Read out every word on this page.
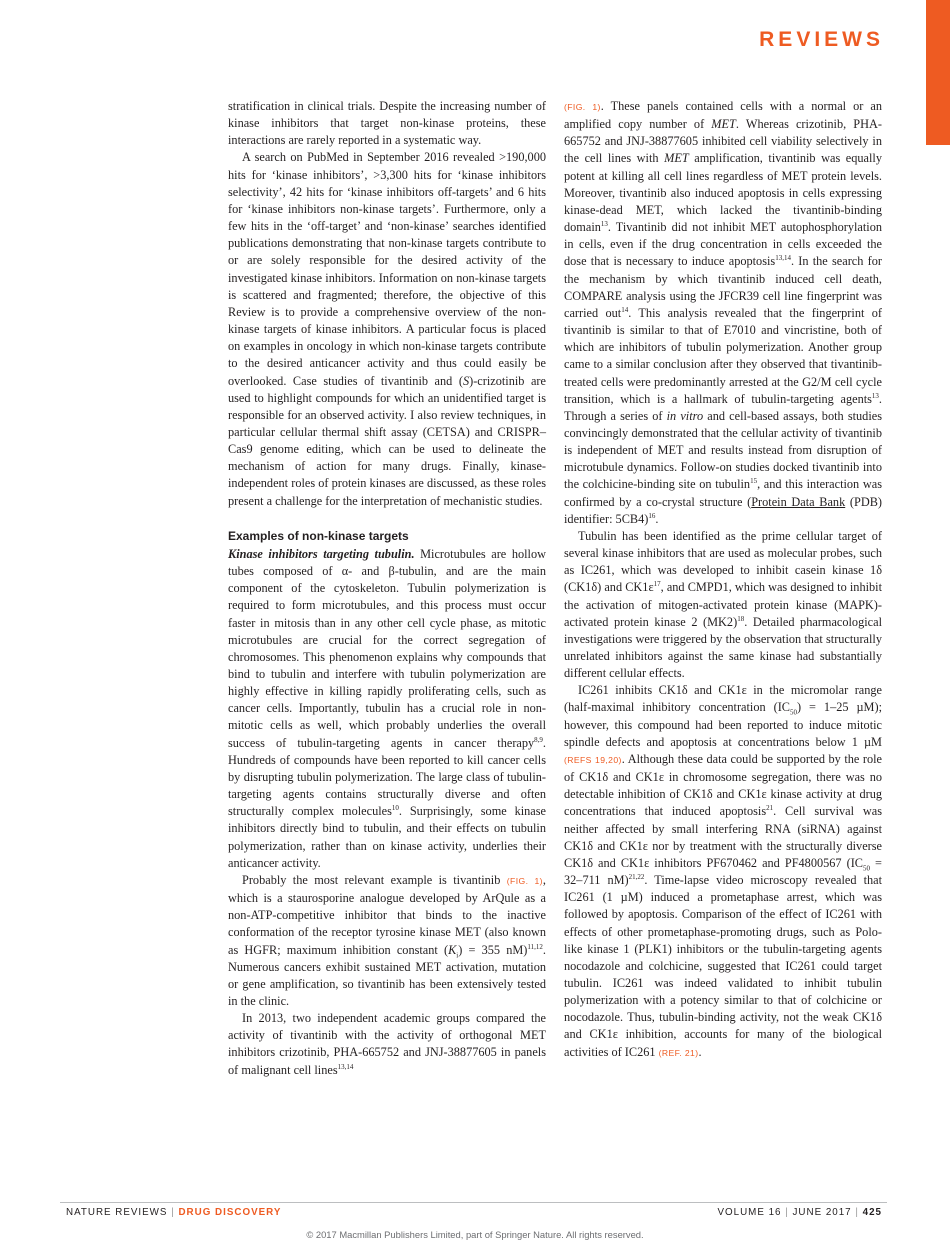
REVIEWS

stratification in clinical trials. Despite the increasing number of kinase inhibitors that target non-kinase proteins, these interactions are rarely reported in a systematic way.

A search on PubMed in September 2016 revealed >190,000 hits for ‘kinase inhibitors’, >3,300 hits for ‘kinase inhibitors selectivity’, 42 hits for ‘kinase inhibitors off-targets’ and 6 hits for ‘kinase inhibitors non-kinase targets’. Furthermore, only a few hits in the ‘off-target’ and ‘non-kinase’ searches identified publications demonstrating that non-kinase targets contribute to or are solely responsible for the desired activity of the investigated kinase inhibitors. Information on non-kinase targets is scattered and fragmented; therefore, the objective of this Review is to provide a comprehensive overview of the non-kinase targets of kinase inhibitors. A particular focus is placed on examples in oncology in which non-kinase targets contribute to the desired anticancer activity and thus could easily be overlooked. Case studies of tivantinib and (S)-crizotinib are used to highlight compounds for which an unidentified target is responsible for an observed activity. I also review techniques, in particular cellular thermal shift assay (CETSA) and CRISPR–Cas9 genome editing, which can be used to delineate the mechanism of action for many drugs. Finally, kinase-independent roles of protein kinases are discussed, as these roles present a challenge for the interpretation of mechanistic studies.

Examples of non-kinase targets

Kinase inhibitors targeting tubulin. Microtubules are hollow tubes composed of α- and β-tubulin, and are the main component of the cytoskeleton. Tubulin polymerization is required to form microtubules, and this process must occur faster in mitosis than in any other cell cycle phase, as mitotic microtubules are crucial for the correct segregation of chromosomes. This phenomenon explains why compounds that bind to tubulin and interfere with tubulin polymerization are highly effective in killing rapidly proliferating cells, such as cancer cells. Importantly, tubulin has a crucial role in non-mitotic cells as well, which probably underlies the overall success of tubulin-targeting agents in cancer therapy$^{8,9}$. Hundreds of compounds have been reported to kill cancer cells by disrupting tubulin polymerization. The large class of tubulin-targeting agents contains structurally diverse and often structurally complex molecules$^{10}$. Surprisingly, some kinase inhibitors directly bind to tubulin, and their effects on tubulin polymerization, rather than on kinase activity, underlies their anticancer activity.

Probably the most relevant example is tivantinib (FIG. 1), which is a staurosporine analogue developed by ArQule as a non-ATP-competitive inhibitor that binds to the inactive conformation of the receptor tyrosine kinase MET (also known as HGFR; maximum inhibition constant $(K_i) = 355$ nM)$^{11,12}$. Numerous cancers exhibit sustained MET activation, mutation or gene amplification, so tivantinib has been extensively tested in the clinic.

In 2013, two independent academic groups compared the activity of tivantinib with the activity of orthogonal MET inhibitors crizotinib, PHA-665752 and JNJ-38877605 in panels of malignant cell lines$^{13,14}$

(FIG. 1). These panels contained cells with a normal or an amplified copy number of MET. Whereas crizotinib, PHA-665752 and JNJ-38877605 inhibited cell viability selectively in the cell lines with MET amplification, tivantinib was equally potent at killing all cell lines regardless of MET protein levels. Moreover, tivantinib also induced apoptosis in cells expressing kinase-dead MET, which lacked the tivantinib-binding domain$^{13}$. Tivantinib did not inhibit MET autophosphorylation in cells, even if the drug concentration in cells exceeded the dose that is necessary to induce apoptosis$^{13,14}$. In the search for the mechanism by which tivantinib induced cell death, COMPARE analysis using the JFCR39 cell line fingerprint was carried out$^{14}$. This analysis revealed that the fingerprint of tivantinib is similar to that of E7010 and vincristine, both of which are inhibitors of tubulin polymerization. Another group came to a similar conclusion after they observed that tivantinib-treated cells were predominantly arrested at the G2/M cell cycle transition, which is a hallmark of tubulin-targeting agents$^{13}$. Through a series of in vitro and cell-based assays, both studies convincingly demonstrated that the cellular activity of tivantinib is independent of MET and results instead from disruption of microtubule dynamics. Follow-on studies docked tivantinib into the colchicine-binding site on tubulin$^{15}$, and this interaction was confirmed by a co-crystal structure (Protein Data Bank (PDB) identifier: 5CB4)$^{16}$.

Tubulin has been identified as the prime cellular target of several kinase inhibitors that are used as molecular probes, such as IC261, which was developed to inhibit casein kinase 1δ (CK1δ) and $CK1\varepsilon^{17}$, and CMPD1, which was designed to inhibit the activation of mitogen-activated protein kinase (MAPK)-activated protein kinase 2 $(MK2)^{18}$. Detailed pharmacological investigations were triggered by the observation that structurally unrelated inhibitors against the same kinase had substantially different cellular effects.

IC261 inhibits CK1δ and CK1ε in the micromolar range (half-maximal inhibitory concentration $(IC_{50}) = 1-25$ µM); however, this compound had been reported to induce mitotic spindle defects and apoptosis at concentrations below 1 µM (REFS 19,20). Although these data could be supported by the role of CK1δ and CK1ε in chromosome segregation, there was no detectable inhibition of CK1δ and CK1ε kinase activity at drug concentrations that induced apoptosis$^{21}$. Cell survival was neither affected by small interfering RNA (siRNA) against CK1δ and CK1ε nor by treatment with the structurally diverse CK1δ and CK1ε inhibitors PF670462 and PF4800567 ($IC_{50} = 32-711$ nM)$^{21,22}$. Time-lapse video microscopy revealed that IC261 (1 µM) induced a prometaphase arrest, which was followed by apoptosis. Comparison of the effect of IC261 with effects of other prometaphase-promoting drugs, such as Polo-like kinase 1 (PLK1) inhibitors or the tubulin-targeting agents nocodazole and colchicine, suggested that IC261 could target tubulin. IC261 was indeed validated to inhibit tubulin polymerization with a potency similar to that of colchicine or nocodazole. Thus, tubulin-binding activity, not the weak CK1δ and CK1ε inhibition, accounts for many of the biological activities of IC261 (REF. 21).

NATURE REVIEWS | DRUG DISCOVERY	VOLUME 16 | JUNE 2017 | 425
© 2017 Macmillan Publishers Limited, part of Springer Nature. All rights reserved.
